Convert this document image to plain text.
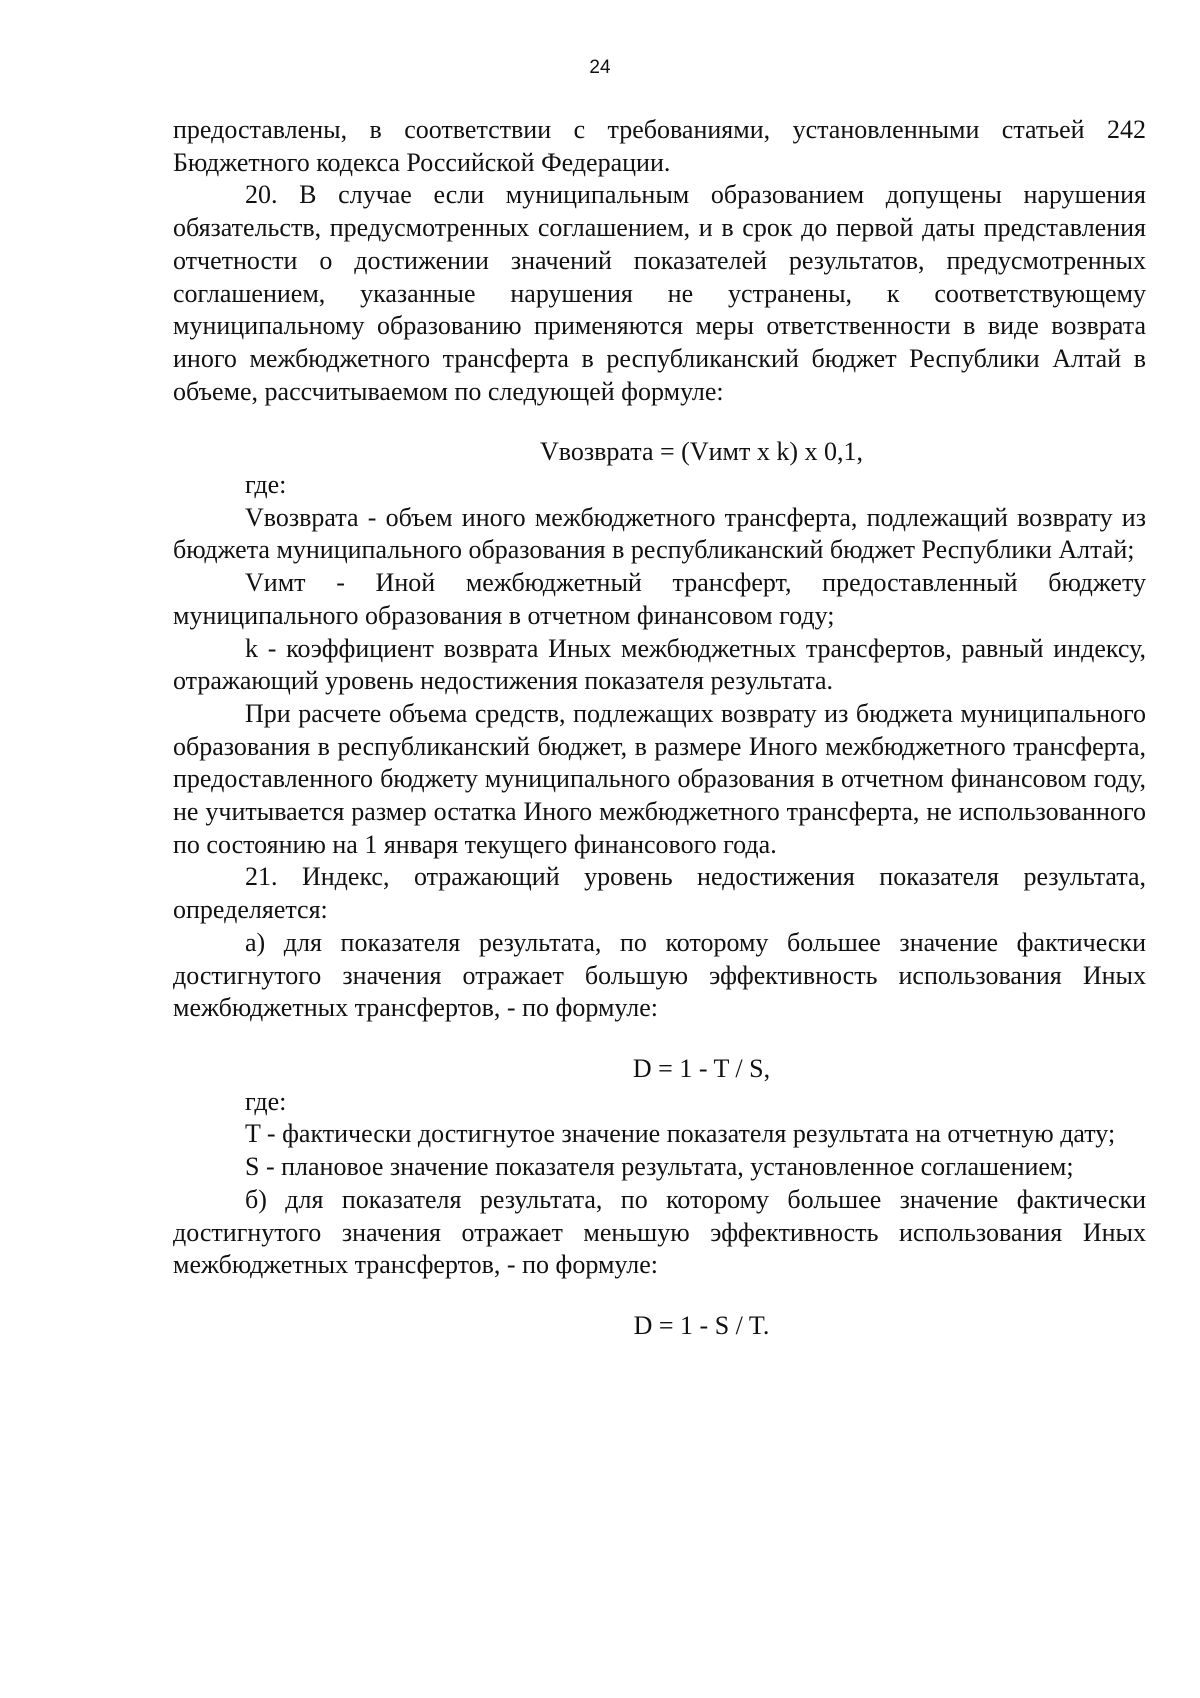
24

предоставлены, в соответствии с требованиями, установленными статьей 242 Бюджетного кодекса Российской Федерации.

20. В случае если муниципальным образованием допущены нарушения обязательств, предусмотренных соглашением, и в срок до первой даты представления отчетности о достижении значений показателей результатов, предусмотренных соглашением, указанные нарушения не устранены, к соответствующему муниципальному образованию применяются меры ответственности в виде возврата иного межбюджетного трансферта в республиканский бюджет Республики Алтай в объеме, рассчитываемом по следующей формуле:

Vвозврата = (Vимт x k) x 0,1,

где:

Vвозврата - объем иного межбюджетного трансферта, подлежащий возврату из бюджета муниципального образования в республиканский бюджет Республики Алтай;

Vимт - Иной межбюджетный трансферт, предоставленный бюджету муниципального образования в отчетном финансовом году;

k - коэффициент возврата Иных межбюджетных трансфертов, равный индексу, отражающий уровень недостижения показателя результата.

При расчете объема средств, подлежащих возврату из бюджета муниципального образования в республиканский бюджет, в размере Иного межбюджетного трансферта, предоставленного бюджету муниципального образования в отчетном финансовом году, не учитывается размер остатка Иного межбюджетного трансферта, не использованного по состоянию на 1 января текущего финансового года.

21. Индекс, отражающий уровень недостижения показателя результата, определяется:

а) для показателя результата, по которому большее значение фактически достигнутого значения отражает большую эффективность использования Иных межбюджетных трансфертов, - по формуле:

D = 1 - T / S,

где:

T - фактически достигнутое значение показателя результата на отчетную дату;

S - плановое значение показателя результата, установленное соглашением;

б) для показателя результата, по которому большее значение фактически достигнутого значения отражает меньшую эффективность использования Иных межбюджетных трансфертов, - по формуле:

D = 1 - S / T.
